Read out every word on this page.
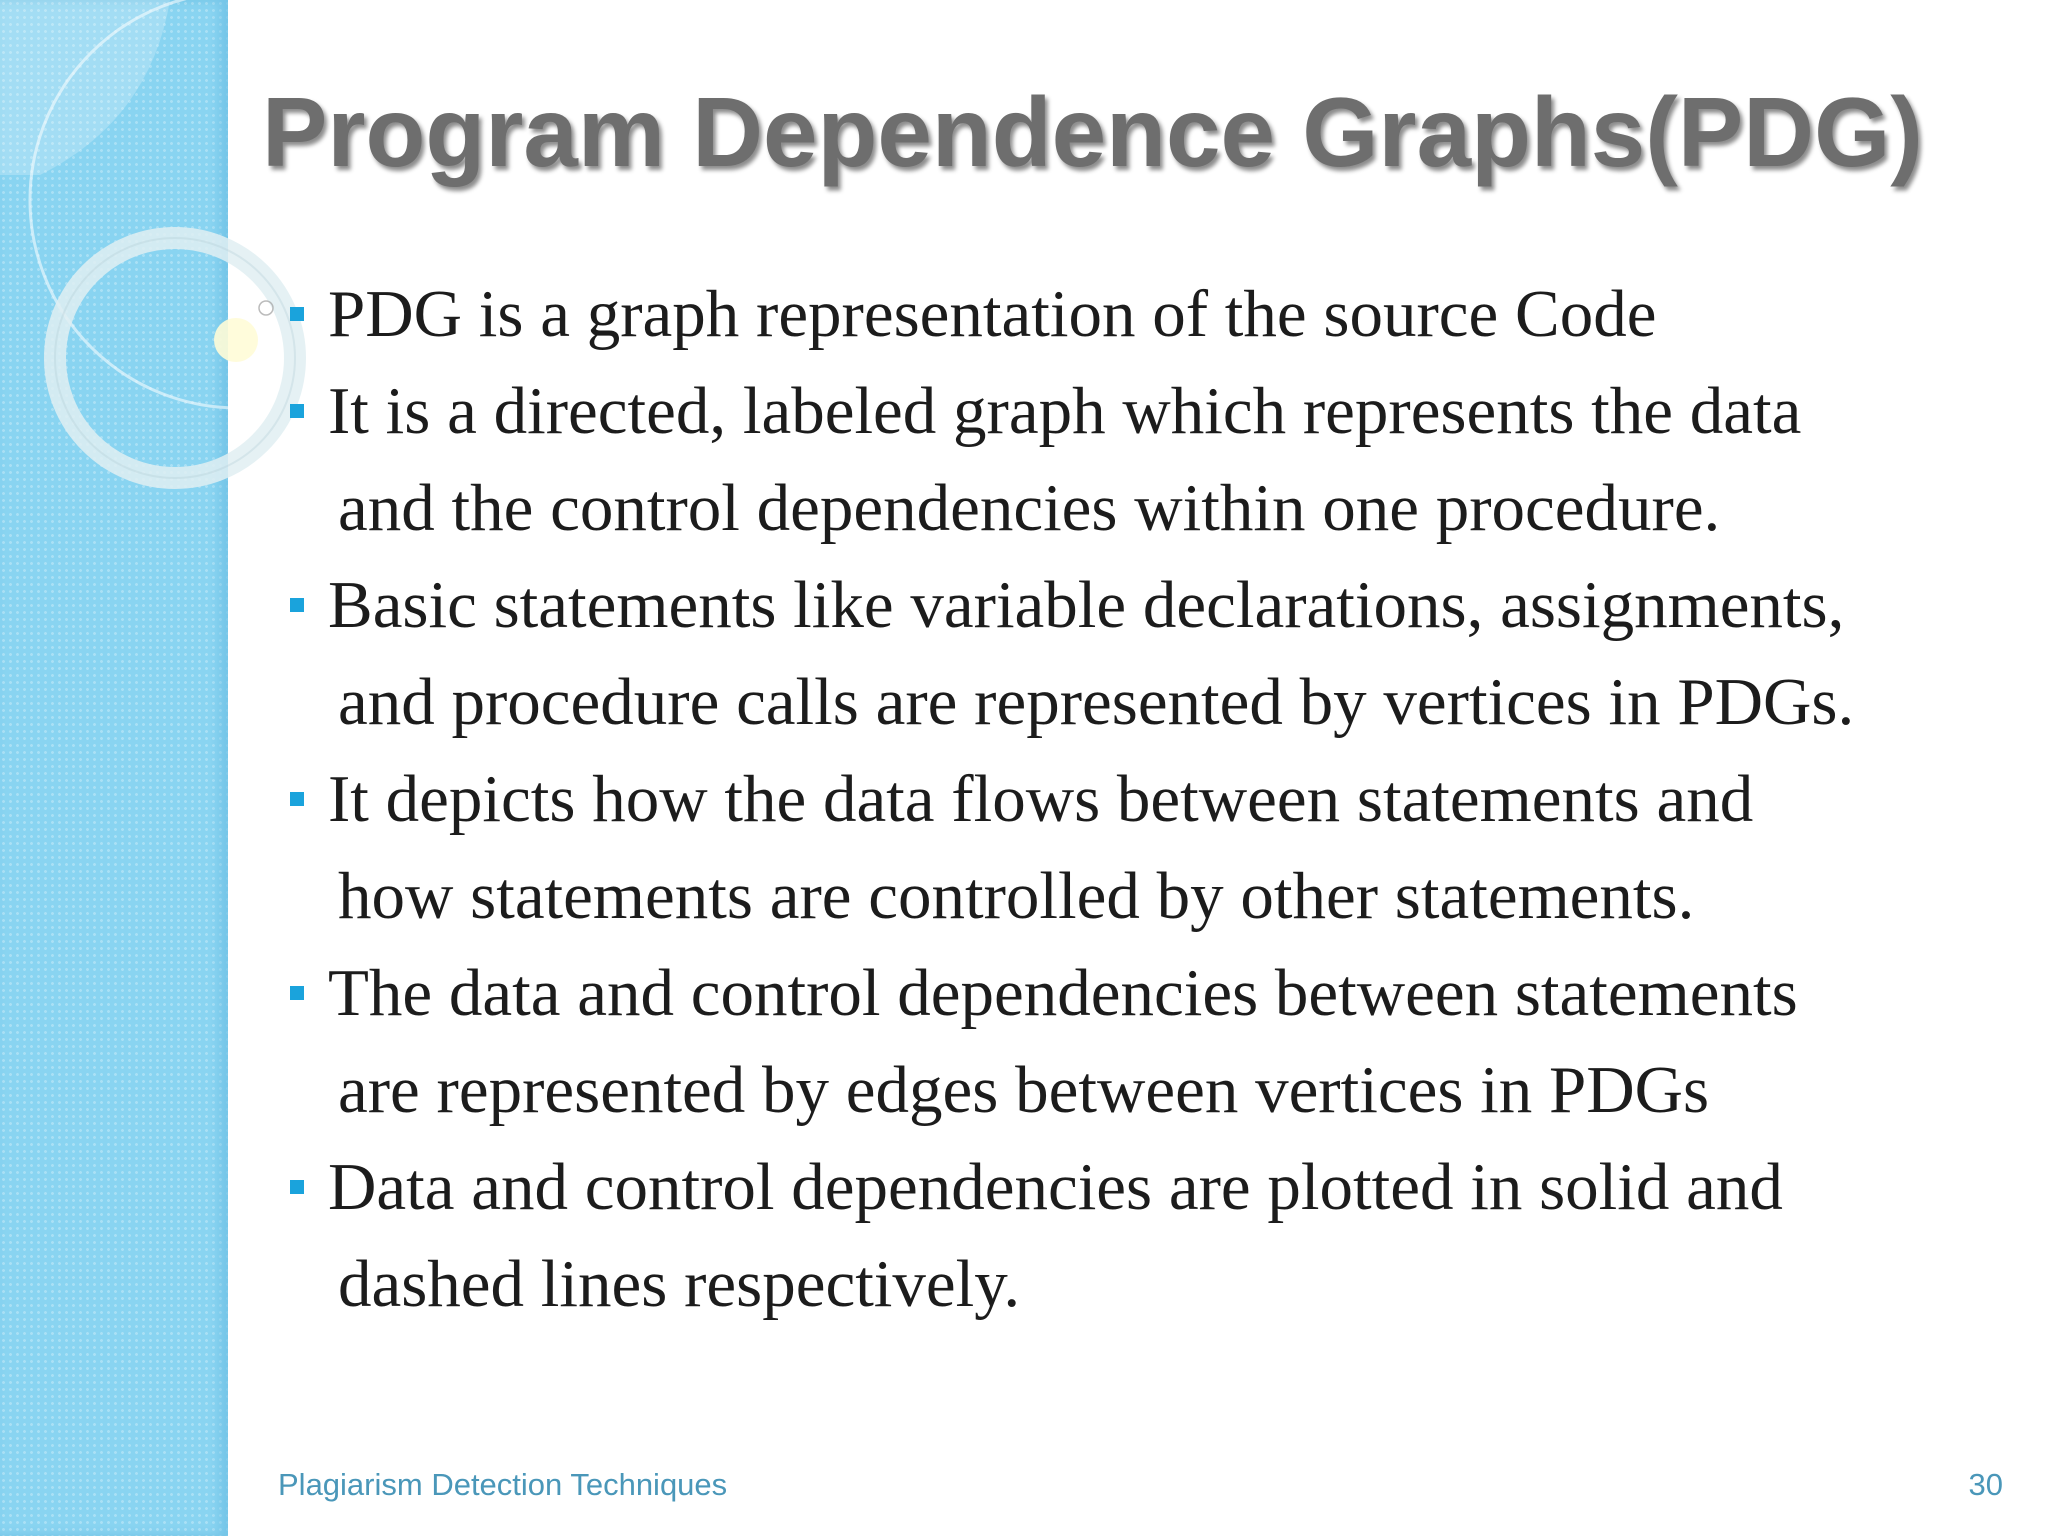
Program Dependence Graphs(PDG)
PDG is a graph representation of the source Code
It is a directed, labeled graph which represents the data
and the control dependencies within one procedure.
Basic statements like variable declarations, assignments,
and procedure calls are represented by vertices in PDGs.
It depicts how the data flows between statements and
how statements are controlled by other statements.
The data and control dependencies between statements
are represented by edges between vertices in PDGs
Data and control dependencies are plotted in solid and
dashed lines respectively.
Plagiarism Detection Techniques	30
